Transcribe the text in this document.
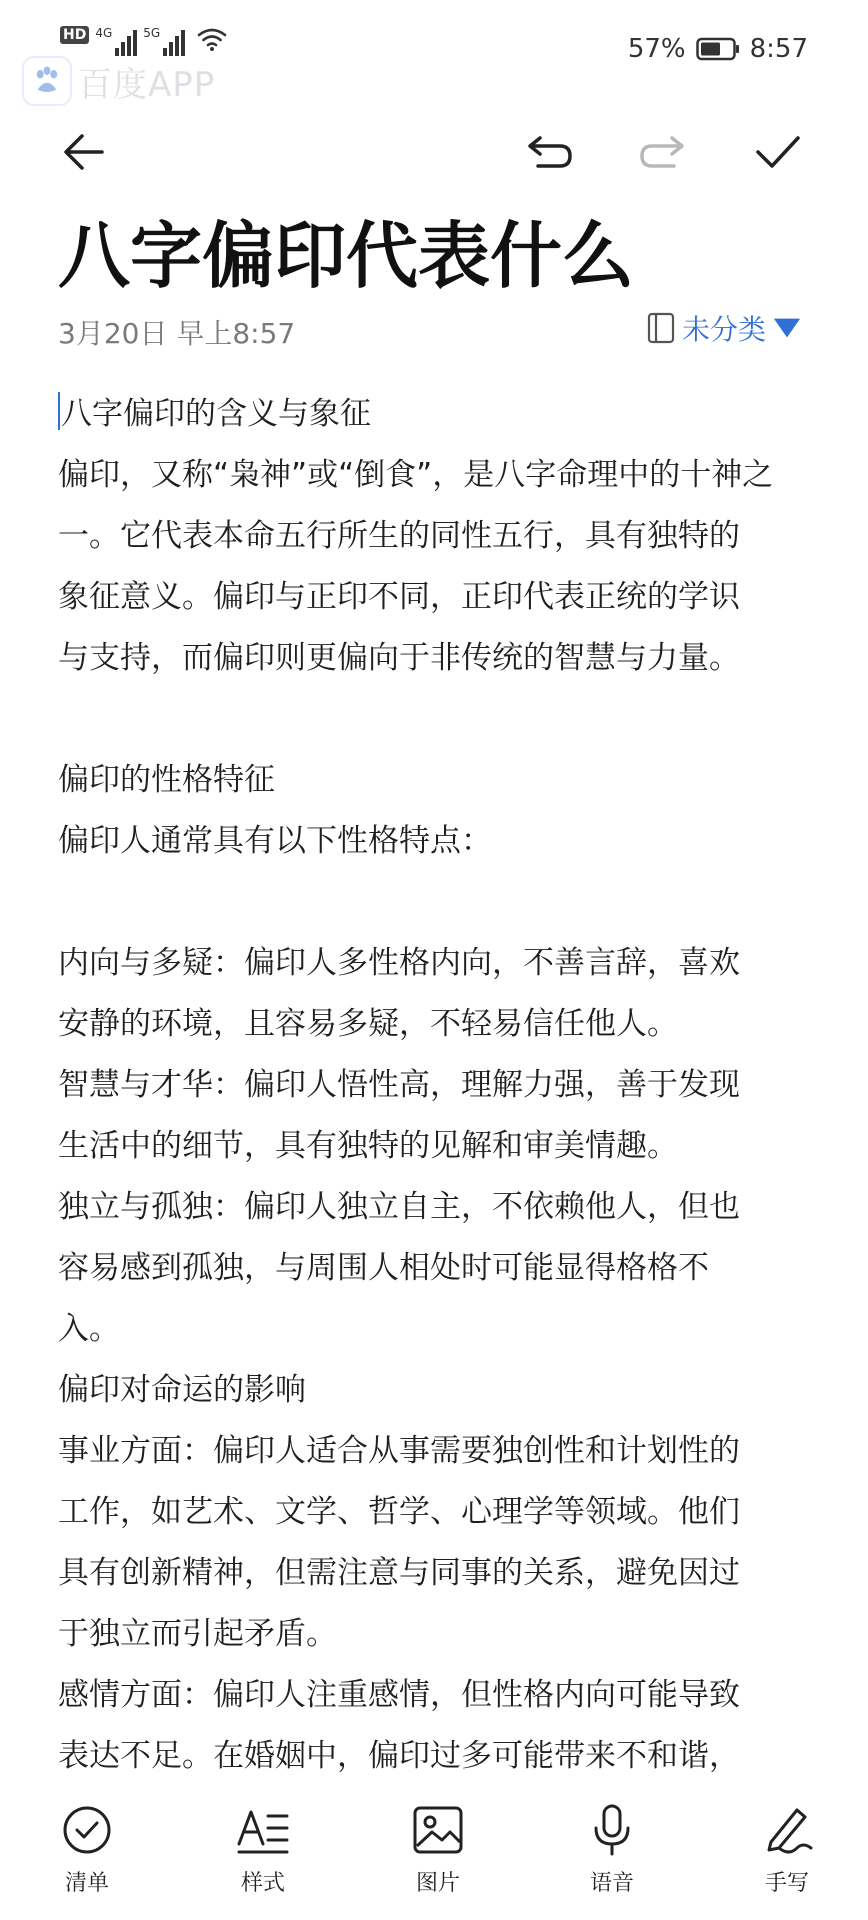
HD 4G	5G
57% 8:57
百度APP
八字偏印代表什么
3月20日 早上8:57	未分类
八字偏印的含义与象征
偏印，又称“枭神”或“倒食”，是八字命理中的十神之
一。它代表本命五行所生的同性五行，具有独特的
象征意义。偏印与正印不同，正印代表正统的学识
与支持，而偏印则更偏向于非传统的智慧与力量。
偏印的性格特征
偏印人通常具有以下性格特点：
内向与多疑：偏印人多性格内向，不善言辞，喜欢
安静的环境，且容易多疑，不轻易信任他人。
智慧与才华：偏印人悟性高，理解力强，善于发现
生活中的细节，具有独特的见解和审美情趣。
独立与孤独：偏印人独立自主，不依赖他人，但也
容易感到孤独，与周围人相处时可能显得格格不
入。
偏印对命运的影响
事业方面：偏印人适合从事需要独创性和计划性的
工作，如艺术、文学、哲学、心理学等领域。他们
具有创新精神，但需注意与同事的关系，避免因过
于独立而引起矛盾。
感情方面：偏印人注重感情，但性格内向可能导致
表达不足。在婚姻中，偏印过多可能带来不和谐，
清单	样式	图片	语音	手写
